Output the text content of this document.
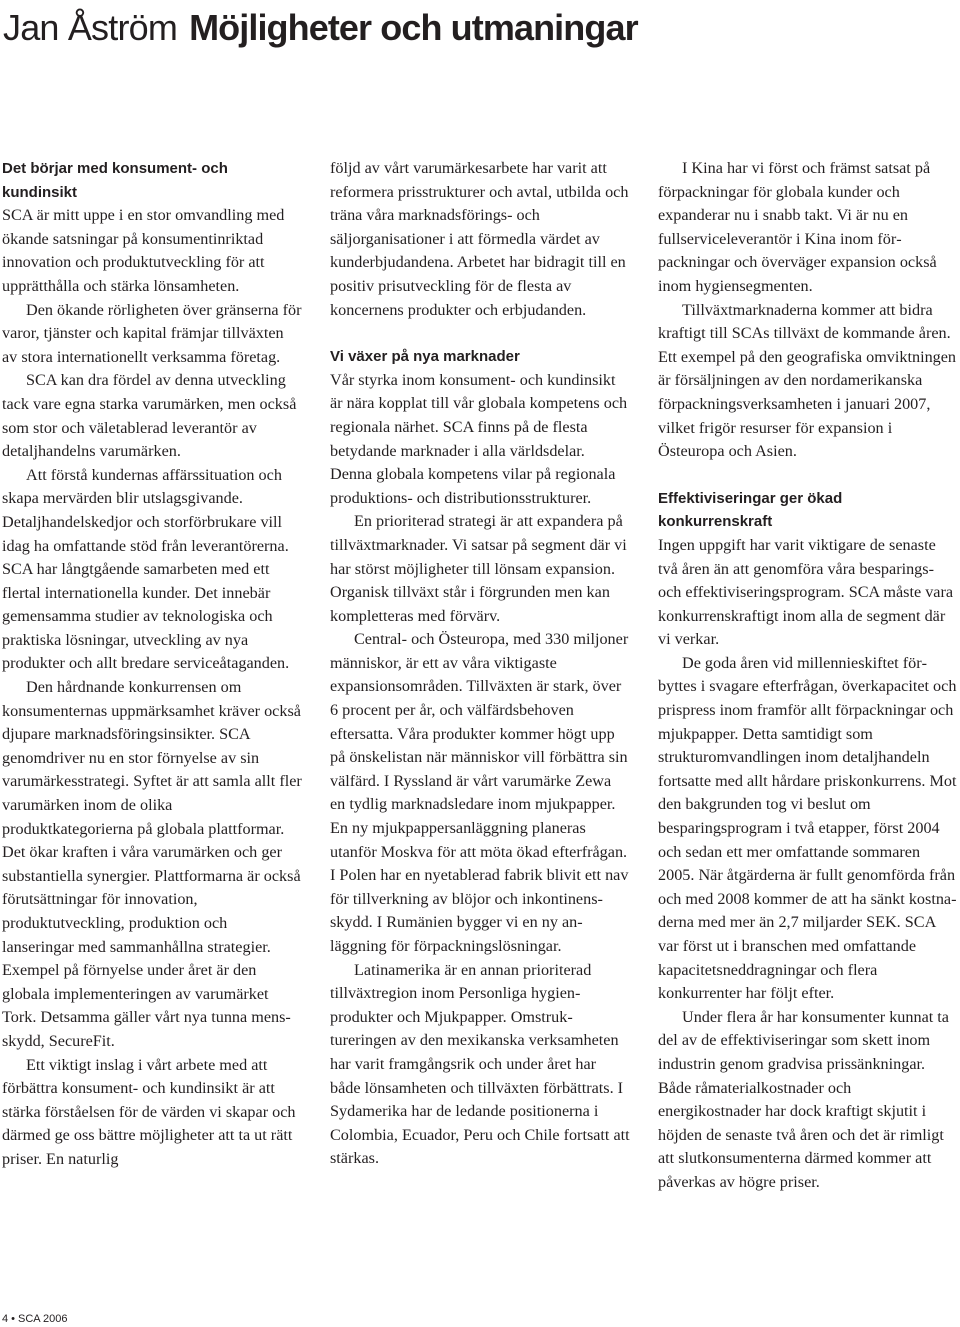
Jan Åström Möjligheter och utmaningar
Det börjar med konsument- och kundinsikt

SCA är mitt uppe i en stor omvandling med ökande satsningar på konsumentinriktad innovation och produktutveckling för att upprätthålla och stärka lönsamheten.

Den ökande rörligheten över gränserna för varor, tjänster och kapital främjar tillväxten av stora internationellt verksamma företag.

SCA kan dra fördel av denna utveckling tack vare egna starka varumärken, men också som stor och väletablerad leverantör av detaljhandelns varumärken.

Att förstå kundernas affärssituation och skapa mervärden blir utslagsgivande. Detaljhandelskedjor och storförbrukare vill idag ha omfattande stöd från leverantörerna. SCA har långtgående samarbeten med ett flertal internationella kunder. Det innebär gemensamma studier av teknologiska och praktiska lösningar, utveckling av nya produkter och allt bredare serviceåtaganden.

Den hårdnande konkurrensen om konsumenternas uppmärksamhet kräver också djupare marknadsföringsinsikter. SCA genomdriver nu en stor förnyelse av sin varumärkesstrategi. Syftet är att samla allt fler varumärken inom de olika produktkategorierna på globala plattformar. Det ökar kraften i våra varumärken och ger substantiella synergier. Plattformarna är också förutsättningar för innovation, produktutveckling, produktion och lanseringar med sammanhållna strategier. Exempel på förnyelse under året är den globala implementeringen av varumärket Tork. Detsamma gäller vårt nya tunna mensskydd, SecureFit.

Ett viktigt inslag i vårt arbete med att förbättra konsument- och kundinsikt är att stärka förståelsen för de värden vi skapar och därmed ge oss bättre möjligheter att ta ut rätt priser. En naturlig

följd av vårt varumärkesarbete har varit att reformera prisstrukturer och avtal, utbilda och träna våra marknadsförings- och säljorganisationer i att förmedla värdet av kunderbjudandena. Arbetet har bidragit till en positiv prisutveckling för de flesta av koncernens produkter och erbjudanden.

Vi växer på nya marknader

Vår styrka inom konsument- och kundinsikt är nära kopplat till vår globala kompetens och regionala närhet. SCA finns på de flesta betydande marknader i alla världsdelar. Denna globala kompetens vilar på regionala produktions- och distributionsstrukturer.

En prioriterad strategi är att expandera på tillväxtmarknader. Vi satsar på segment där vi har störst möjligheter till lönsam expansion. Organisk tillväxt står i förgrunden men kan kompletteras med förvärv.

Central- och Östeuropa, med 330 miljoner människor, är ett av våra viktigaste expansionsområden. Tillväxten är stark, över 6 procent per år, och välfärdsbehoven eftersatta. Våra produkter kommer högt upp på önskelistan när människor vill förbättra sin välfärd. I Ryssland är vårt varumärke Zewa en tydlig marknadsledare inom mjukpapper. En ny mjukpappersanläggning planeras utanför Moskva för att möta ökad efterfrågan. I Polen har en nyetablerad fabrik blivit ett nav för tillverkning av blöjor och inkontinensskydd. I Rumänien bygger vi en ny anläggning för förpackningslösningar.

Latinamerika är en annan prioriterad tillväxtregion inom Personliga hygienprodukter och Mjukpapper. Omstruktureringen av den mexikanska verksamheten har varit framgångsrik och under året har både lönsamheten och tillväxten förbättrats. I Sydamerika har de ledande positionerna i Colombia, Ecuador, Peru och Chile fortsatt att stärkas.

I Kina har vi först och främst satsat på förpackningar för globala kunder och expanderar nu i snabb takt. Vi är nu en fullserviceleverantör i Kina inom förpackningar och överväger expansion också inom hygiensegmenten.

Tillväxtmarknaderna kommer att bidra kraftigt till SCAs tillväxt de kommande åren. Ett exempel på den geografiska omviktningen är försäljningen av den nordamerikanska förpackningsverksamheten i januari 2007, vilket frigör resurser för expansion i Östeuropa och Asien.

Effektiviseringar ger ökad konkurrenskraft

Ingen uppgift har varit viktigare de senaste två åren än att genomföra våra besparings- och effektiviseringsprogram. SCA måste vara konkurrenskraftigt inom alla de segment där vi verkar.

De goda åren vid millennieskiftet förbyttes i svagare efterfrågan, överkapacitet och prispress inom framför allt förpackningar och mjukpapper. Detta samtidigt som strukturomvandlingen inom detaljhandeln fortsatte med allt hårdare priskonkurrens. Mot den bakgrunden tog vi beslut om besparingsprogram i två etapper, först 2004 och sedan ett mer omfattande sommaren 2005. När åtgärderna är fullt genomförda från och med 2008 kommer de att ha sänkt kostnaderna med mer än 2,7 miljarder SEK. SCA var först ut i branschen med omfattande kapacitetsneddragningar och flera konkurrenter har följt efter.

Under flera år har konsumenter kunnat ta del av de effektiviseringar som skett inom industrin genom gradvisa prissänkningar. Både råmaterialkostnader och energikostnader har dock kraftigt skjutit i höjden de senaste två åren och det är rimligt att slutkonsumenterna därmed kommer att påverkas av högre priser.

4 • SCA 2006
